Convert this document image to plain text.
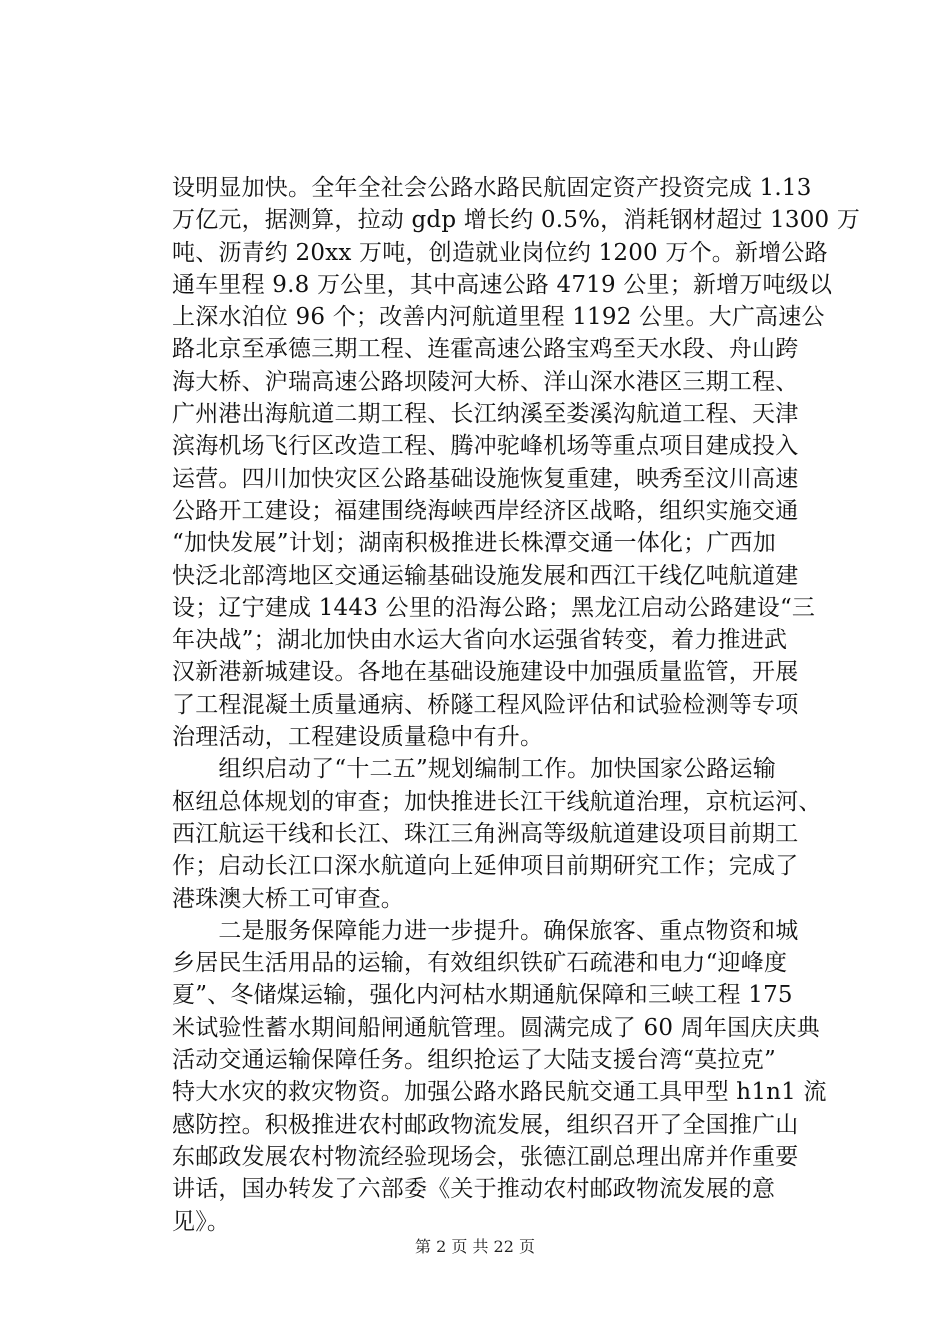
设明显加快。全年全社会公路水路民航固定资产投资完成 1.13
万亿元，据测算，拉动 gdp 增长约 0.5%，消耗钢材超过 1300 万
吨、沥青约 20xx 万吨，创造就业岗位约 1200 万个。新增公路
通车里程 9.8 万公里，其中高速公路 4719 公里；新增万吨级以
上深水泊位 96 个；改善内河航道里程 1192 公里。大广高速公
路北京至承德三期工程、连霍高速公路宝鸡至天水段、舟山跨
海大桥、沪瑞高速公路坝陵河大桥、洋山深水港区三期工程、
广州港出海航道二期工程、长江纳溪至娄溪沟航道工程、天津
滨海机场飞行区改造工程、腾冲驼峰机场等重点项目建成投入
运营。四川加快灾区公路基础设施恢复重建，映秀至汶川高速
公路开工建设；福建围绕海峡西岸经济区战略，组织实施交通
“加快发展”计划；湖南积极推进长株潭交通一体化；广西加
快泛北部湾地区交通运输基础设施发展和西江干线亿吨航道建
设；辽宁建成 1443 公里的沿海公路；黑龙江启动公路建设“三
年决战”；湖北加快由水运大省向水运强省转变，着力推进武
汉新港新城建设。各地在基础设施建设中加强质量监管，开展
了工程混凝土质量通病、桥隧工程风险评估和试验检测等专项
治理活动，工程建设质量稳中有升。
　　组织启动了“十二五”规划编制工作。加快国家公路运输
枢纽总体规划的审查；加快推进长江干线航道治理，京杭运河、
西江航运干线和长江、珠江三角洲高等级航道建设项目前期工
作；启动长江口深水航道向上延伸项目前期研究工作；完成了
港珠澳大桥工可审查。
　　二是服务保障能力进一步提升。确保旅客、重点物资和城
乡居民生活用品的运输，有效组织铁矿石疏港和电力“迎峰度
夏”、冬储煤运输，强化内河枯水期通航保障和三峡工程 175
米试验性蓄水期间船闸通航管理。圆满完成了 60 周年国庆庆典
活动交通运输保障任务。组织抢运了大陆支援台湾“莫拉克”
特大水灾的救灾物资。加强公路水路民航交通工具甲型 h1n1 流
感防控。积极推进农村邮政物流发展，组织召开了全国推广山
东邮政发展农村物流经验现场会，张德江副总理出席并作重要
讲话，国办转发了六部委《关于推动农村邮政物流发展的意
见》。
第 2 页 共 22 页
